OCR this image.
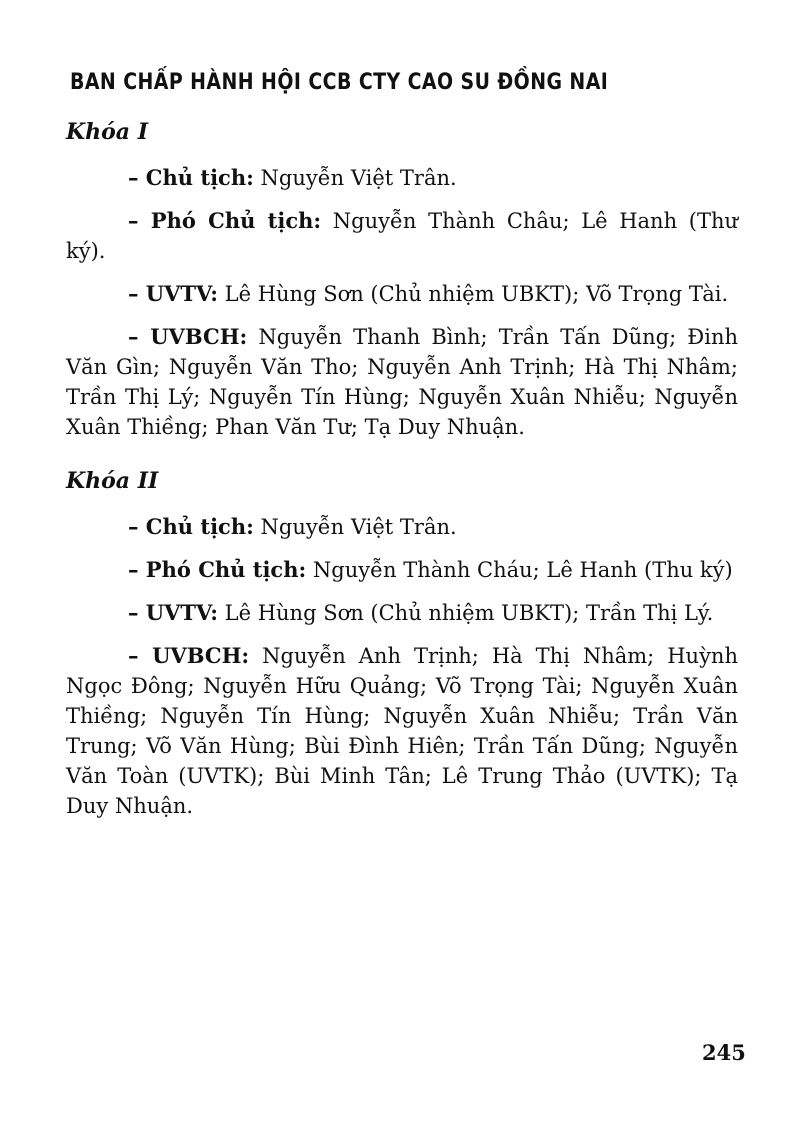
BAN CHẤP HÀNH HỘI CCB CTY CAO SU ĐỒNG NAI
Khóa I

– Chủ tịch: Nguyễn Việt Trân.

– Phó Chủ tịch: Nguyễn Thành Châu; Lê Hanh (Thư ký).

– UVTV: Lê Hùng Sơn (Chủ nhiệm UBKT); Võ Trọng Tài.

– UVBCH: Nguyễn Thanh Bình; Trần Tấn Dũng; Đinh Văn Gìn; Nguyễn Văn Tho; Nguyễn Anh Trịnh; Hà Thị Nhâm; Trần Thị Lý; Nguyễn Tín Hùng; Nguyễn Xuân Nhiễu; Nguyễn Xuân Thiềng; Phan Văn Tư; Tạ Duy Nhuận.

Khóa II

– Chủ tịch: Nguyễn Việt Trân.

– Phó Chủ tịch: Nguyễn Thành Cháu; Lê Hanh (Thu ký)

– UVTV: Lê Hùng Sơn (Chủ nhiệm UBKT); Trần Thị Lý.

– UVBCH: Nguyễn Anh Trịnh; Hà Thị Nhâm; Huỳnh Ngọc Đông; Nguyễn Hữu Quảng; Võ Trọng Tài; Nguyễn Xuân Thiềng; Nguyễn Tín Hùng; Nguyễn Xuân Nhiễu; Trần Văn Trung; Võ Văn Hùng; Bùi Đình Hiên; Trần Tấn Dũng; Nguyễn Văn Toàn (UVTK); Bùi Minh Tân; Lê Trung Thảo (UVTK); Tạ Duy Nhuận.

245
